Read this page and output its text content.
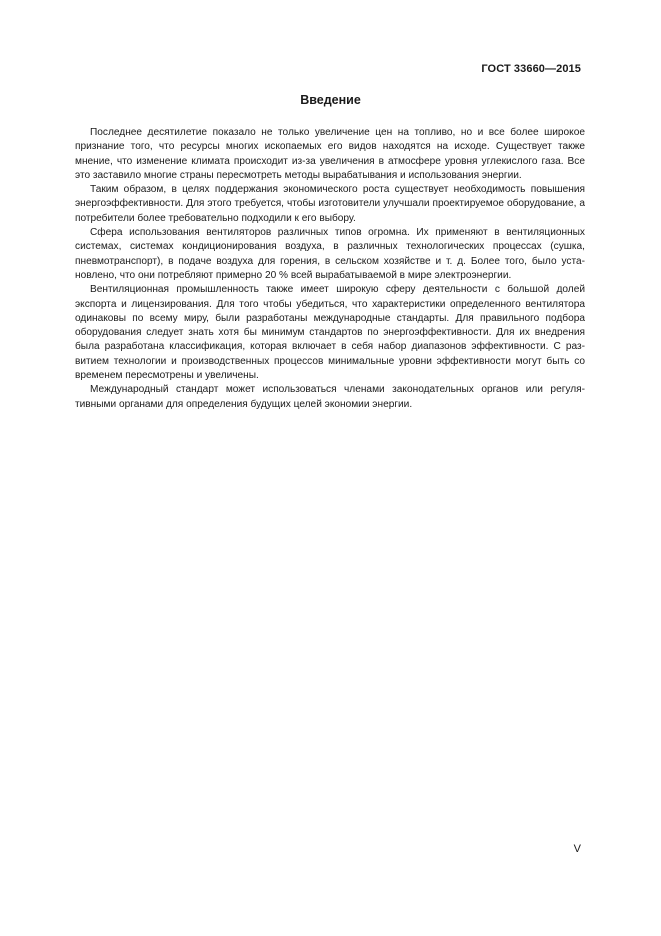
ГОСТ 33660—2015
Введение

Последнее десятилетие показало не только увеличение цен на топливо, но и все более широкое признание того, что ресурсы многих ископаемых его видов находятся на исходе. Существует также мнение, что изменение климата происходит из-за увеличения в атмосфере уровня углекислого газа. Все это заставило многие страны пересмотреть методы вырабатывания и использования энергии.

Таким образом, в целях поддержания экономического роста существует необходимость повышения энергоэффективности. Для этого требуется, чтобы изготовители улучшали проектируемое оборудование, а потребители более требовательно подходили к его выбору.

Сфера использования вентиляторов различных типов огромна. Их применяют в вентиляционных системах, системах кондиционирования воздуха, в различных технологических процессах (сушка, пневмотранспорт), в подаче воздуха для горения, в сельском хозяйстве и т. д. Более того, было установлено, что они потребляют примерно 20 % всей вырабатываемой в мире электроэнергии.

Вентиляционная промышленность также имеет широкую сферу деятельности с большой долей экспорта и лицензирования. Для того чтобы убедиться, что характеристики определенного вентилятора одинаковы по всему миру, были разработаны международные стандарты. Для правильного подбора оборудования следует знать хотя бы минимум стандартов по энергоэффективности. Для их внедрения была разработана классификация, которая включает в себя набор диапазонов эффективности. С развитием технологии и производственных процессов минимальные уровни эффективности могут быть со временем пересмотрены и увеличены.

Международный стандарт может использоваться членами законодательных органов или регулятивными органами для определения будущих целей экономии энергии.

V
